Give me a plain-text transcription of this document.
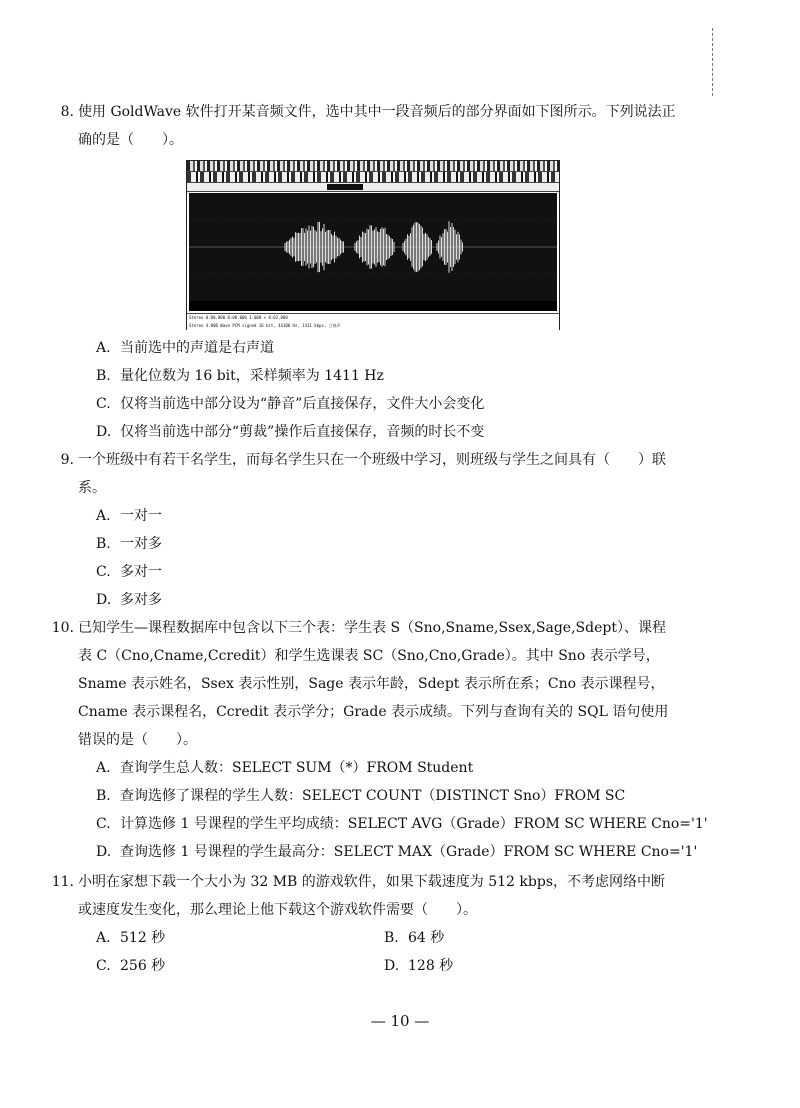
8. 使用 GoldWave 软件打开某音频文件，选中其中一段音频后的部分界面如下图所示。下列说法正确的是（　　）。
Stereo 0:00.000 0:00.000 1.000 × 0:02.000
Stereo 4.000 Wave PCM signed 16 bit, 44100 Hz, 1411 kbps, 立体声
A. 当前选中的声道是右声道
B. 量化位数为 16 bit，采样频率为 1411 Hz
C. 仅将当前选中部分设为“静音”后直接保存，文件大小会变化
D. 仅将当前选中部分“剪裁”操作后直接保存，音频的时长不变
9. 一个班级中有若干名学生，而每名学生只在一个班级中学习，则班级与学生之间具有（　　）联系。
A. 一对一
B. 一对多
C. 多对一
D. 多对多
10. 已知学生—课程数据库中包含以下三个表：学生表 S（Sno,Sname,Ssex,Sage,Sdept）、课程表 C（Cno,Cname,Ccredit）和学生选课表 SC（Sno,Cno,Grade）。其中 Sno 表示学号，Sname 表示姓名，Ssex 表示性别，Sage 表示年龄，Sdept 表示所在系；Cno 表示课程号，Cname 表示课程名，Ccredit 表示学分；Grade 表示成绩。下列与查询有关的 SQL 语句使用错误的是（　　）。
A. 查询学生总人数：SELECT SUM（*）FROM Student
B. 查询选修了课程的学生人数：SELECT COUNT（DISTINCT Sno）FROM SC
C. 计算选修 1 号课程的学生平均成绩：SELECT AVG（Grade）FROM SC WHERE Cno='1'
D. 查询选修 1 号课程的学生最高分：SELECT MAX（Grade）FROM SC WHERE Cno='1'
11. 小明在家想下载一个大小为 32 MB 的游戏软件，如果下载速度为 512 kbps，不考虑网络中断或速度发生变化，那么理论上他下载这个游戏软件需要（　　）。
A. 512 秒	B. 64 秒
C. 256 秒	D. 128 秒
— 10 —
